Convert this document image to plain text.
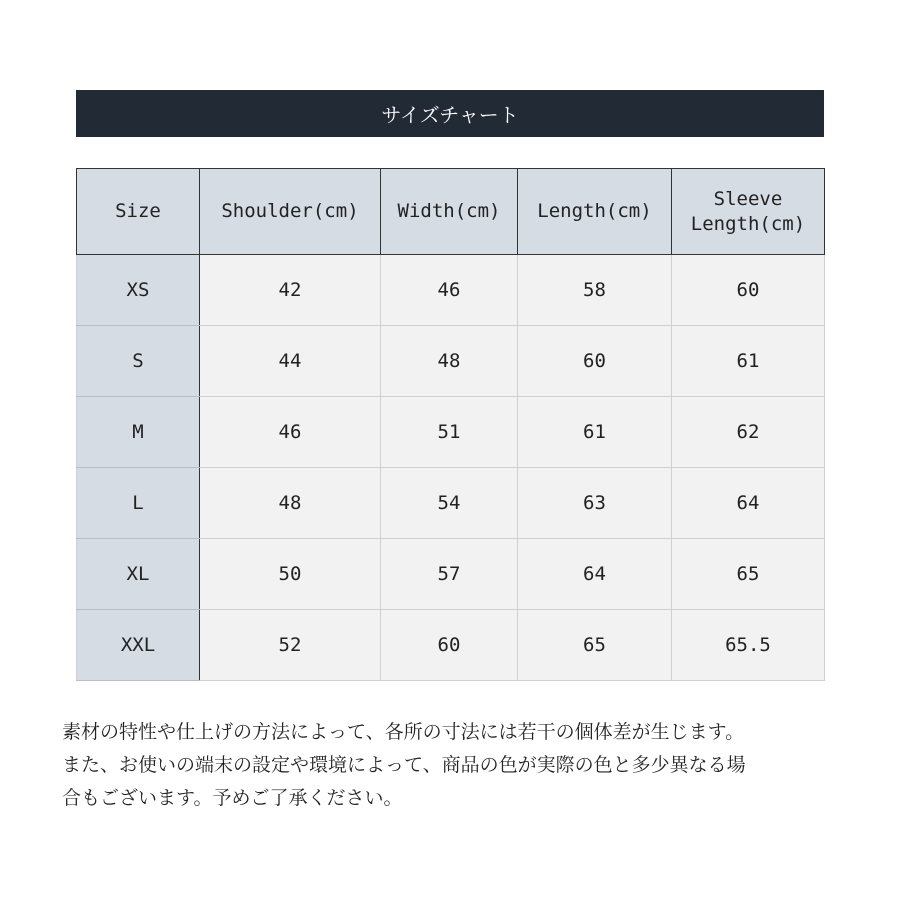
サイズチャート
Size	Shoulder(cm)	Width(cm)	Length(cm)	Sleeve
Length(cm)
XS	42	46	58	60
S	44	48	60	61
M	46	51	61	62
L	48	54	63	64
XL	50	57	64	65
XXL	52	60	65	65.5
素材の特性や仕上げの方法によって、各所の寸法には若干の個体差が生じます。
また、お使いの端末の設定や環境によって、商品の色が実際の色と多少異なる場
合もございます。予めご了承ください。
